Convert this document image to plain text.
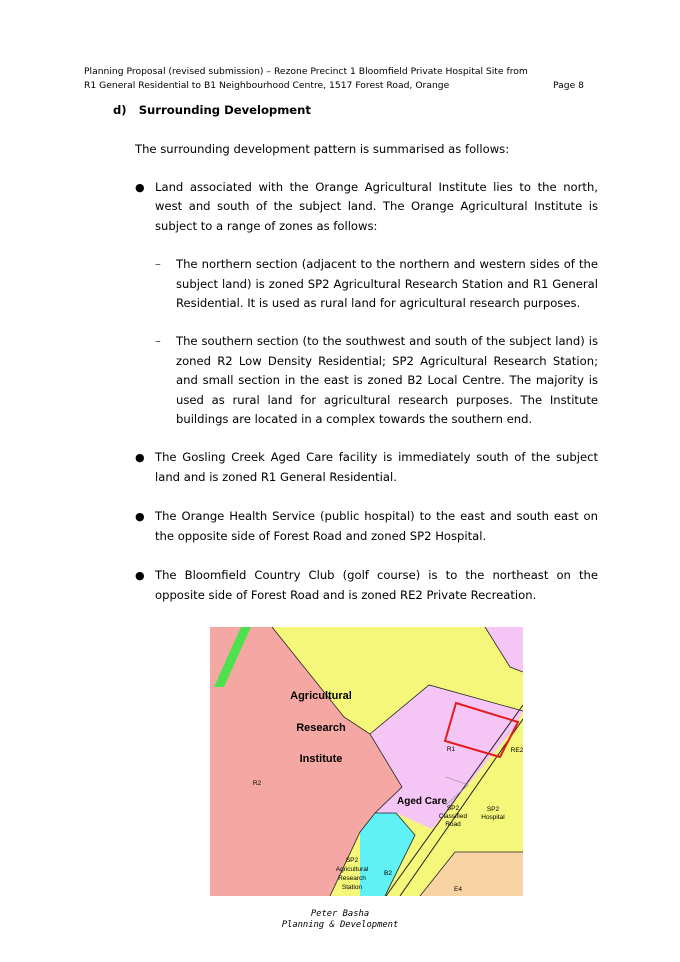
Planning Proposal (revised submission) – Rezone Precinct 1 Bloomfield Private Hospital Site from
R1 General Residential to B1 Neighbourhood Centre, 1517 Forest Road, Orange	Page 8
d)   Surrounding Development
The surrounding development pattern is summarised as follows:
● Land associated with the Orange Agricultural Institute lies to the north, west and south of the subject land. The Orange Agricultural Institute is subject to a range of zones as follows:
– The northern section (adjacent to the northern and western sides of the subject land) is zoned SP2 Agricultural Research Station and R1 General Residential. It is used as rural land for agricultural research purposes.
– The southern section (to the southwest and south of the subject land) is zoned R2 Low Density Residential; SP2 Agricultural Research Station; and small section in the east is zoned B2 Local Centre. The majority is used as rural land for agricultural research purposes. The Institute buildings are located in a complex towards the southern end.
● The Gosling Creek Aged Care facility is immediately south of the subject land and is zoned R1 General Residential.
● The Orange Health Service (public hospital) to the east and south east on the opposite side of Forest Road and zoned SP2 Hospital.
● The Bloomfield Country Club (golf course) is to the northeast on the opposite side of Forest Road and is zoned RE2 Private Recreation.
Agricultural
Research
Institute
Aged Care
R2
R1	RE2
SP2
Classified
Road
SP2
Hospital
SP2
Agricultural
Research
Station
B2
E4
Peter Basha
Planning & Development
